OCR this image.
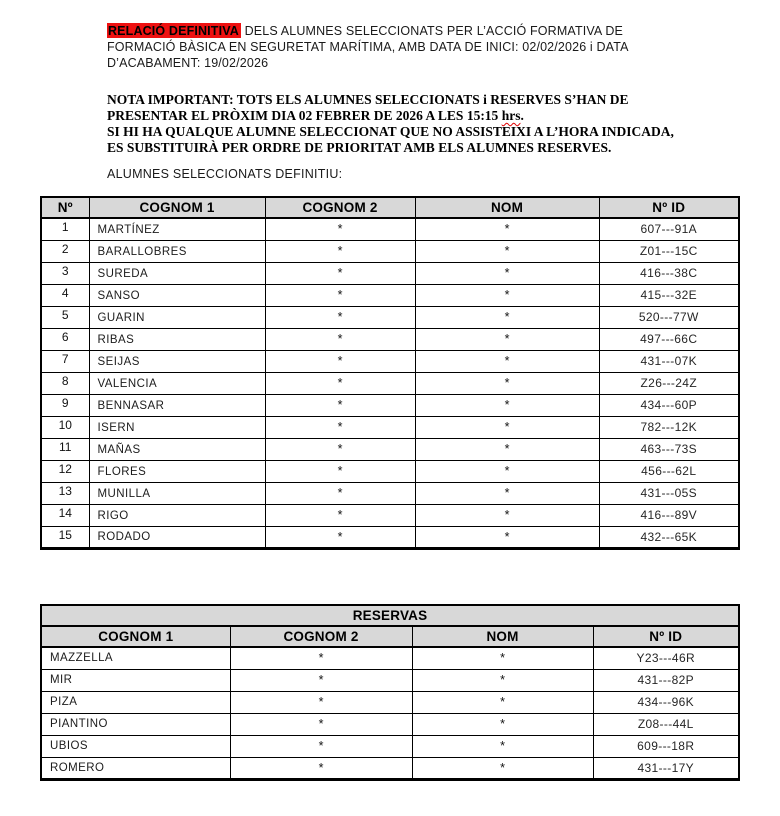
RELACIÓ DEFINITIVA DELS ALUMNES SELECCIONATS PER L’ACCIÓ FORMATIVA DE
FORMACIÓ BÀSICA EN SEGURETAT MARÍTIMA, AMB DATA DE INICI: 02/02/2026 i DATA
D’ACABAMENT: 19/02/2026
NOTA IMPORTANT: TOTS ELS ALUMNES SELECCIONATS i RESERVES S’HAN DE
PRESENTAR EL PRÒXIM DIA 02 FEBRER DE 2026 A LES 15:15 hrs.
SI HI HA QUALQUE ALUMNE SELECCIONAT QUE NO ASSISTEIXI A L’HORA INDICADA,
ES SUBSTITUIRÀ PER ORDRE DE PRIORITAT AMB ELS ALUMNES RESERVES.
ALUMNES SELECCIONATS DEFINITIU:
Nº	COGNOM 1	COGNOM 2	NOM	Nº ID
1	MARTÍNEZ	*	*	607---91A
2	BARALLOBRES	*	*	Z01---15C
3	SUREDA	*	*	416---38C
4	SANSO	*	*	415---32E
5	GUARIN	*	*	520---77W
6	RIBAS	*	*	497---66C
7	SEIJAS	*	*	431---07K
8	VALENCIA	*	*	Z26---24Z
9	BENNASAR	*	*	434---60P
10	ISERN	*	*	782---12K
11	MAÑAS	*	*	463---73S
12	FLORES	*	*	456---62L
13	MUNILLA	*	*	431---05S
14	RIGO	*	*	416---89V
15	RODADO	*	*	432---65K
RESERVAS			
COGNOM 1	COGNOM 2	NOM	Nº ID
MAZZELLA	*	*	Y23---46R
MIR	*	*	431---82P
PIZA	*	*	434---96K
PIANTINO	*	*	Z08---44L
UBIOS	*	*	609---18R
ROMERO	*	*	431---17Y
